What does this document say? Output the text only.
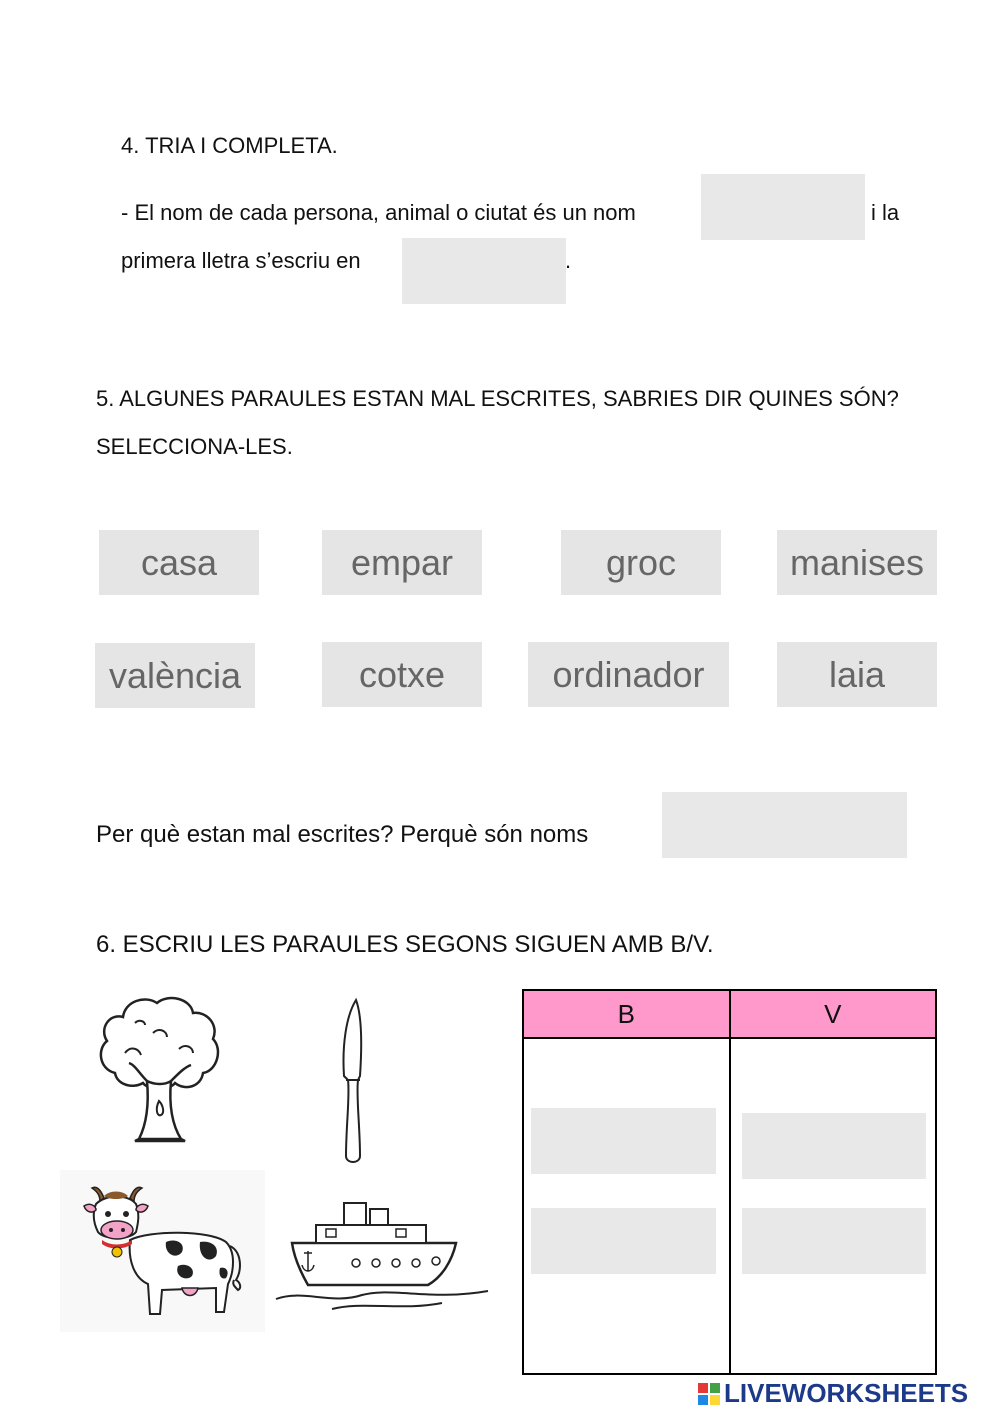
4. TRIA I COMPLETA.
- El nom de cada persona, animal o ciutat és un nom	i la
primera lletra s’escriu en	.
5. ALGUNES PARAULES ESTAN MAL ESCRITES, SABRIES DIR QUINES SÓN?
SELECCIONA-LES.
casa	empar	groc	manises
valència	cotxe	ordinador	laia
Per què estan mal escrites? Perquè són noms
6. ESCRIU LES PARAULES SEGONS SIGUEN AMB B/V.
B	V

LIVEWORKSHEETS
